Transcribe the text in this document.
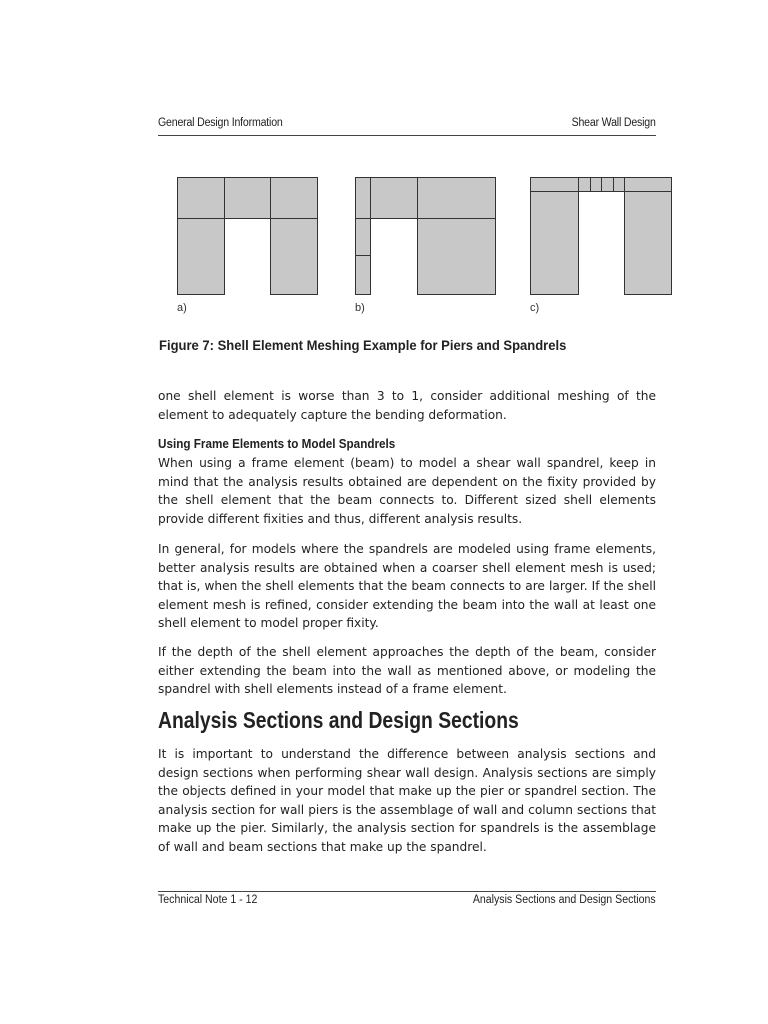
General Design Information	Shear Wall Design
a)	b)	c)
Figure 7: Shell Element Meshing Example for Piers and Spandrels

one shell element is worse than 3 to 1, consider additional meshing of the element to adequately capture the bending deformation.

Using Frame Elements to Model Spandrels

When using a frame element (beam) to model a shear wall spandrel, keep in mind that the analysis results obtained are dependent on the fixity provided by the shell element that the beam connects to. Different sized shell elements provide different fixities and thus, different analysis results.

In general, for models where the spandrels are modeled using frame elements, better analysis results are obtained when a coarser shell element mesh is used; that is, when the shell elements that the beam connects to are larger. If the shell element mesh is refined, consider extending the beam into the wall at least one shell element to model proper fixity.

If the depth of the shell element approaches the depth of the beam, consider either extending the beam into the wall as mentioned above, or modeling the spandrel with shell elements instead of a frame element.

Analysis Sections and Design Sections

It is important to understand the difference between analysis sections and design sections when performing shear wall design. Analysis sections are simply the objects defined in your model that make up the pier or spandrel section. The analysis section for wall piers is the assemblage of wall and column sections that make up the pier. Similarly, the analysis section for spandrels is the assemblage of wall and beam sections that make up the spandrel.

Technical Note 1 - 12	Analysis Sections and Design Sections
